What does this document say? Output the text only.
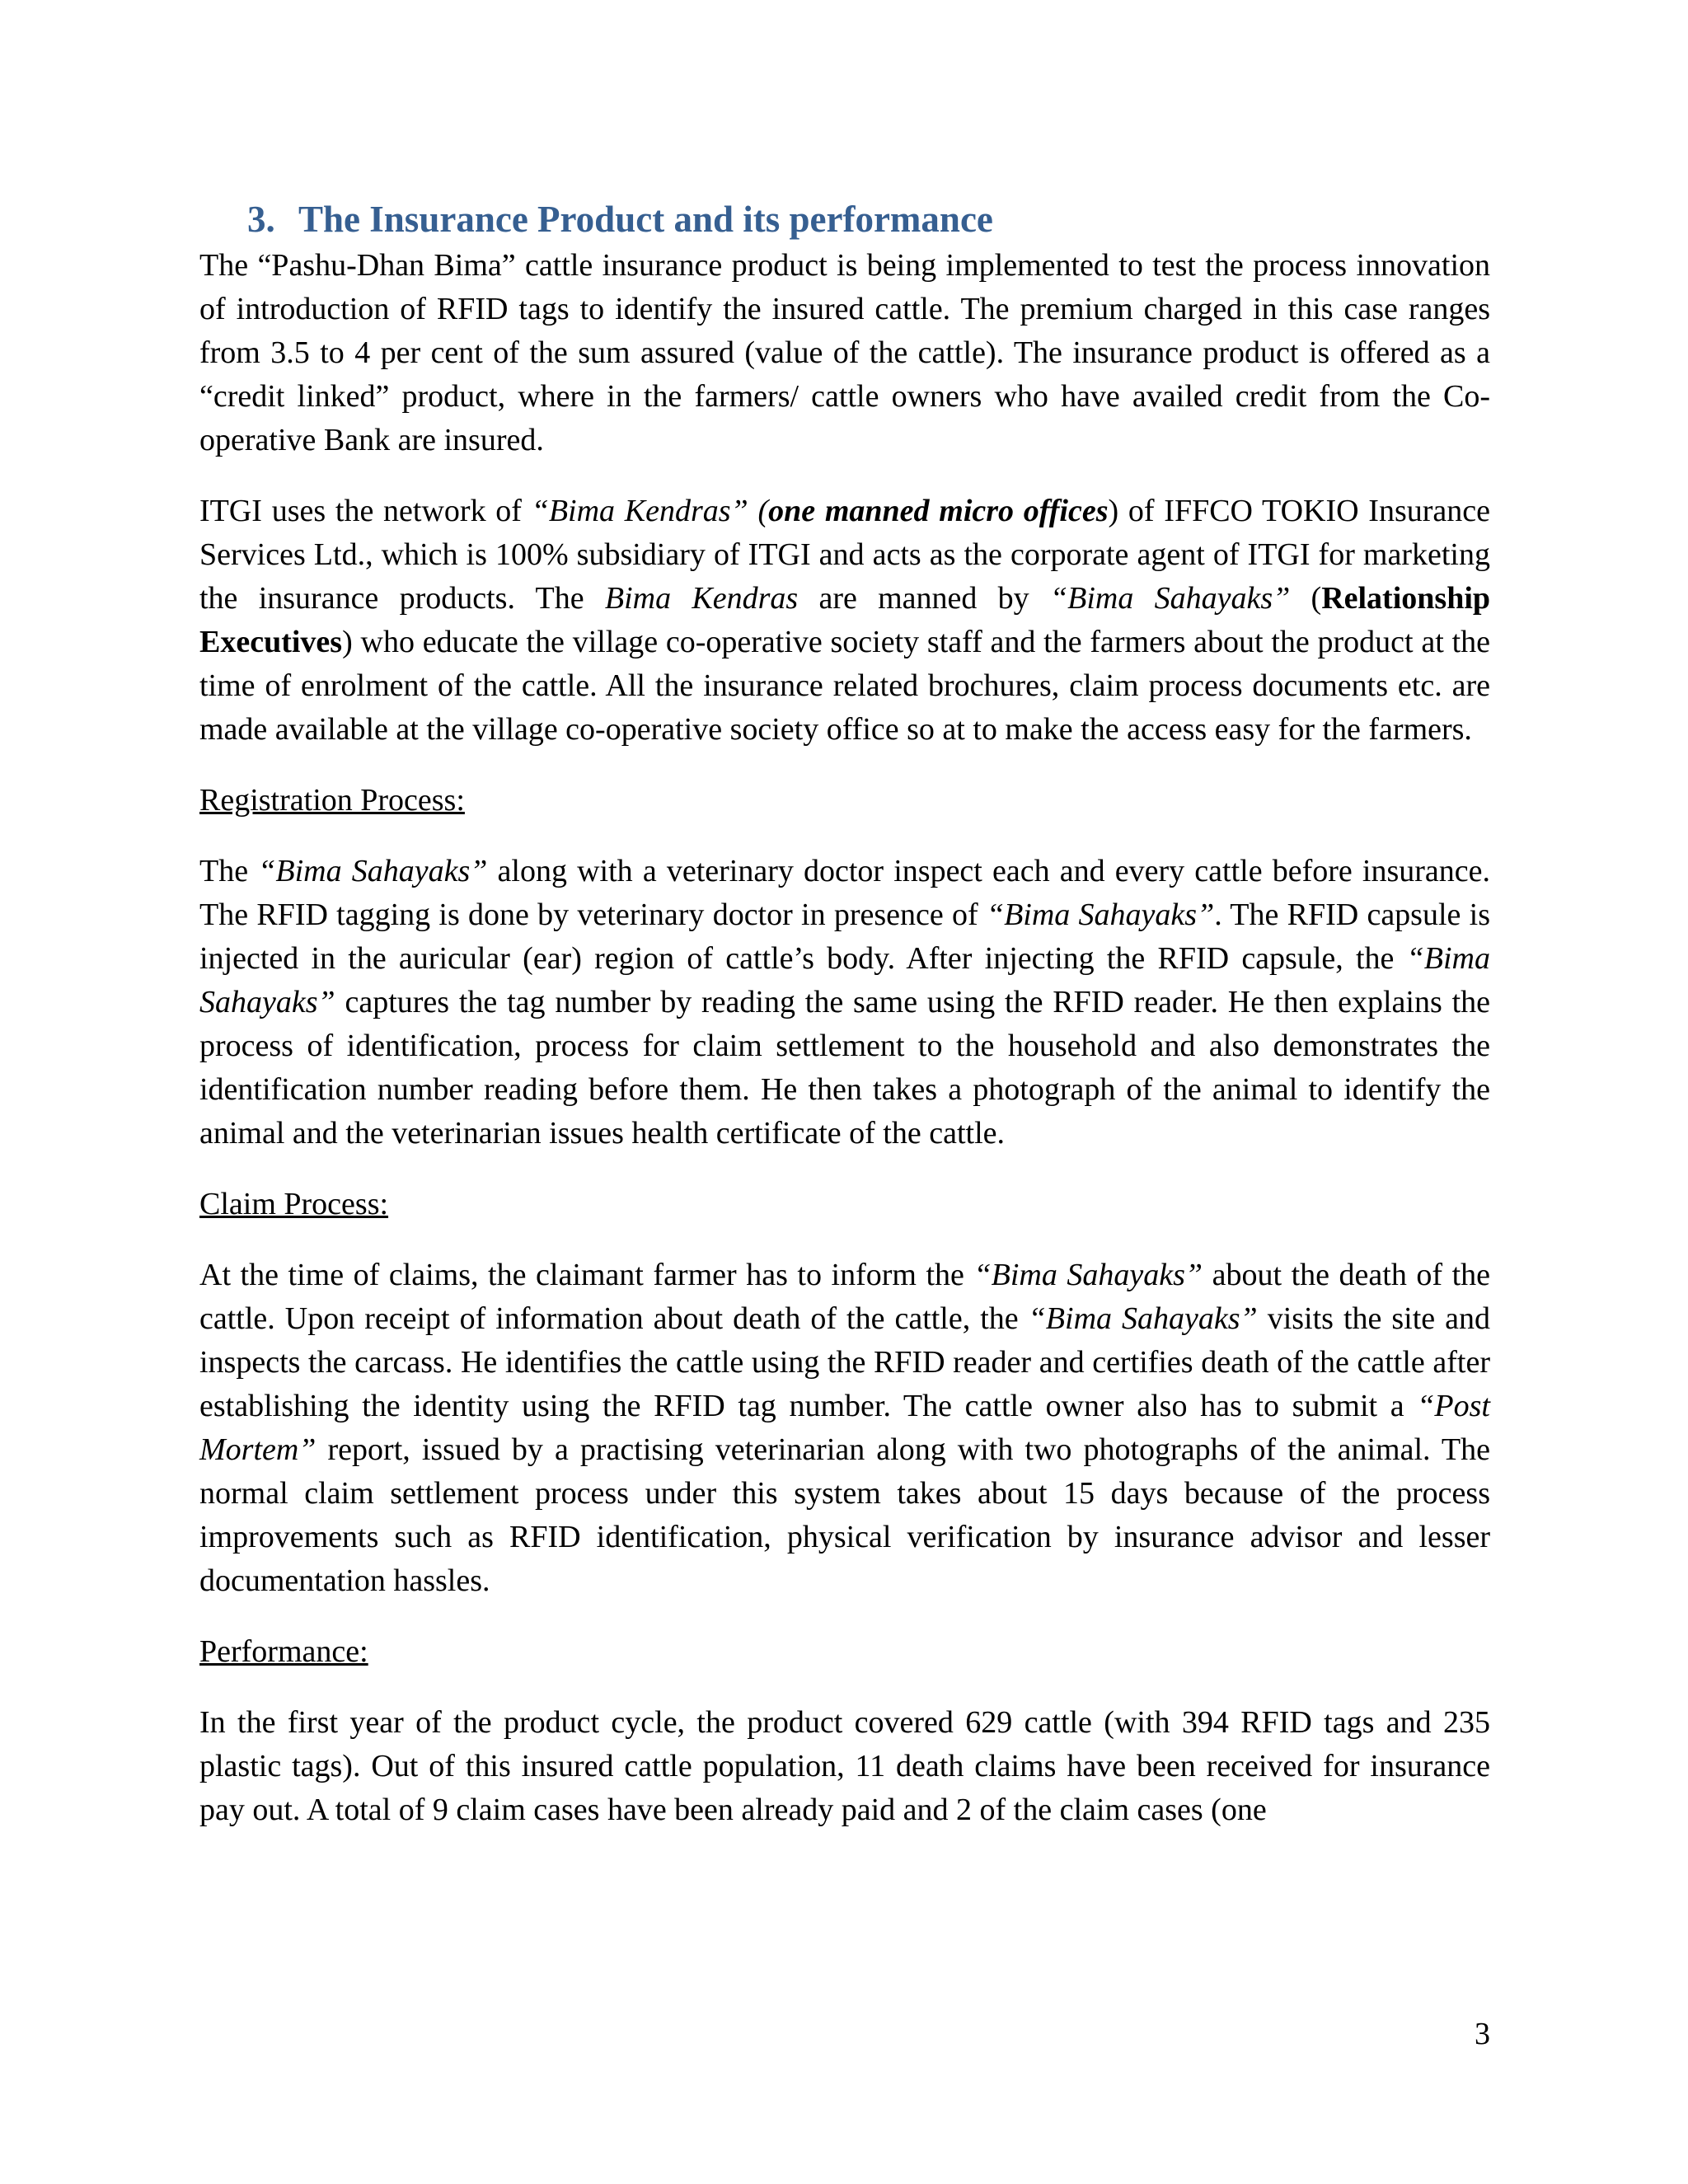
3. The Insurance Product and its performance

The “Pashu-Dhan Bima” cattle insurance product is being implemented to test the process innovation of introduction of RFID tags to identify the insured cattle. The premium charged in this case ranges from 3.5 to 4 per cent of the sum assured (value of the cattle). The insurance product is offered as a “credit linked” product, where in the farmers/ cattle owners who have availed credit from the Co-operative Bank are insured.

ITGI uses the network of “Bima Kendras” (one manned micro offices) of IFFCO TOKIO Insurance Services Ltd., which is 100% subsidiary of ITGI and acts as the corporate agent of ITGI for marketing the insurance products. The Bima Kendras are manned by “Bima Sahayaks” (Relationship Executives) who educate the village co-operative society staff and the farmers about the product at the time of enrolment of the cattle. All the insurance related brochures, claim process documents etc. are made available at the village co-operative society office so at to make the access easy for the farmers.

Registration Process:

The “Bima Sahayaks” along with a veterinary doctor inspect each and every cattle before insurance. The RFID tagging is done by veterinary doctor in presence of “Bima Sahayaks”. The RFID capsule is injected in the auricular (ear) region of cattle’s body. After injecting the RFID capsule, the “Bima Sahayaks” captures the tag number by reading the same using the RFID reader. He then explains the process of identification, process for claim settlement to the household and also demonstrates the identification number reading before them. He then takes a photograph of the animal to identify the animal and the veterinarian issues health certificate of the cattle.

Claim Process:

At the time of claims, the claimant farmer has to inform the “Bima Sahayaks” about the death of the cattle. Upon receipt of information about death of the cattle, the “Bima Sahayaks” visits the site and inspects the carcass. He identifies the cattle using the RFID reader and certifies death of the cattle after establishing the identity using the RFID tag number. The cattle owner also has to submit a “Post Mortem” report, issued by a practising veterinarian along with two photographs of the animal. The normal claim settlement process under this system takes about 15 days because of the process improvements such as RFID identification, physical verification by insurance advisor and lesser documentation hassles.

Performance:

In the first year of the product cycle, the product covered 629 cattle (with 394 RFID tags and 235 plastic tags). Out of this insured cattle population, 11 death claims have been received for insurance pay out. A total of 9 claim cases have been already paid and 2 of the claim cases (one

3
